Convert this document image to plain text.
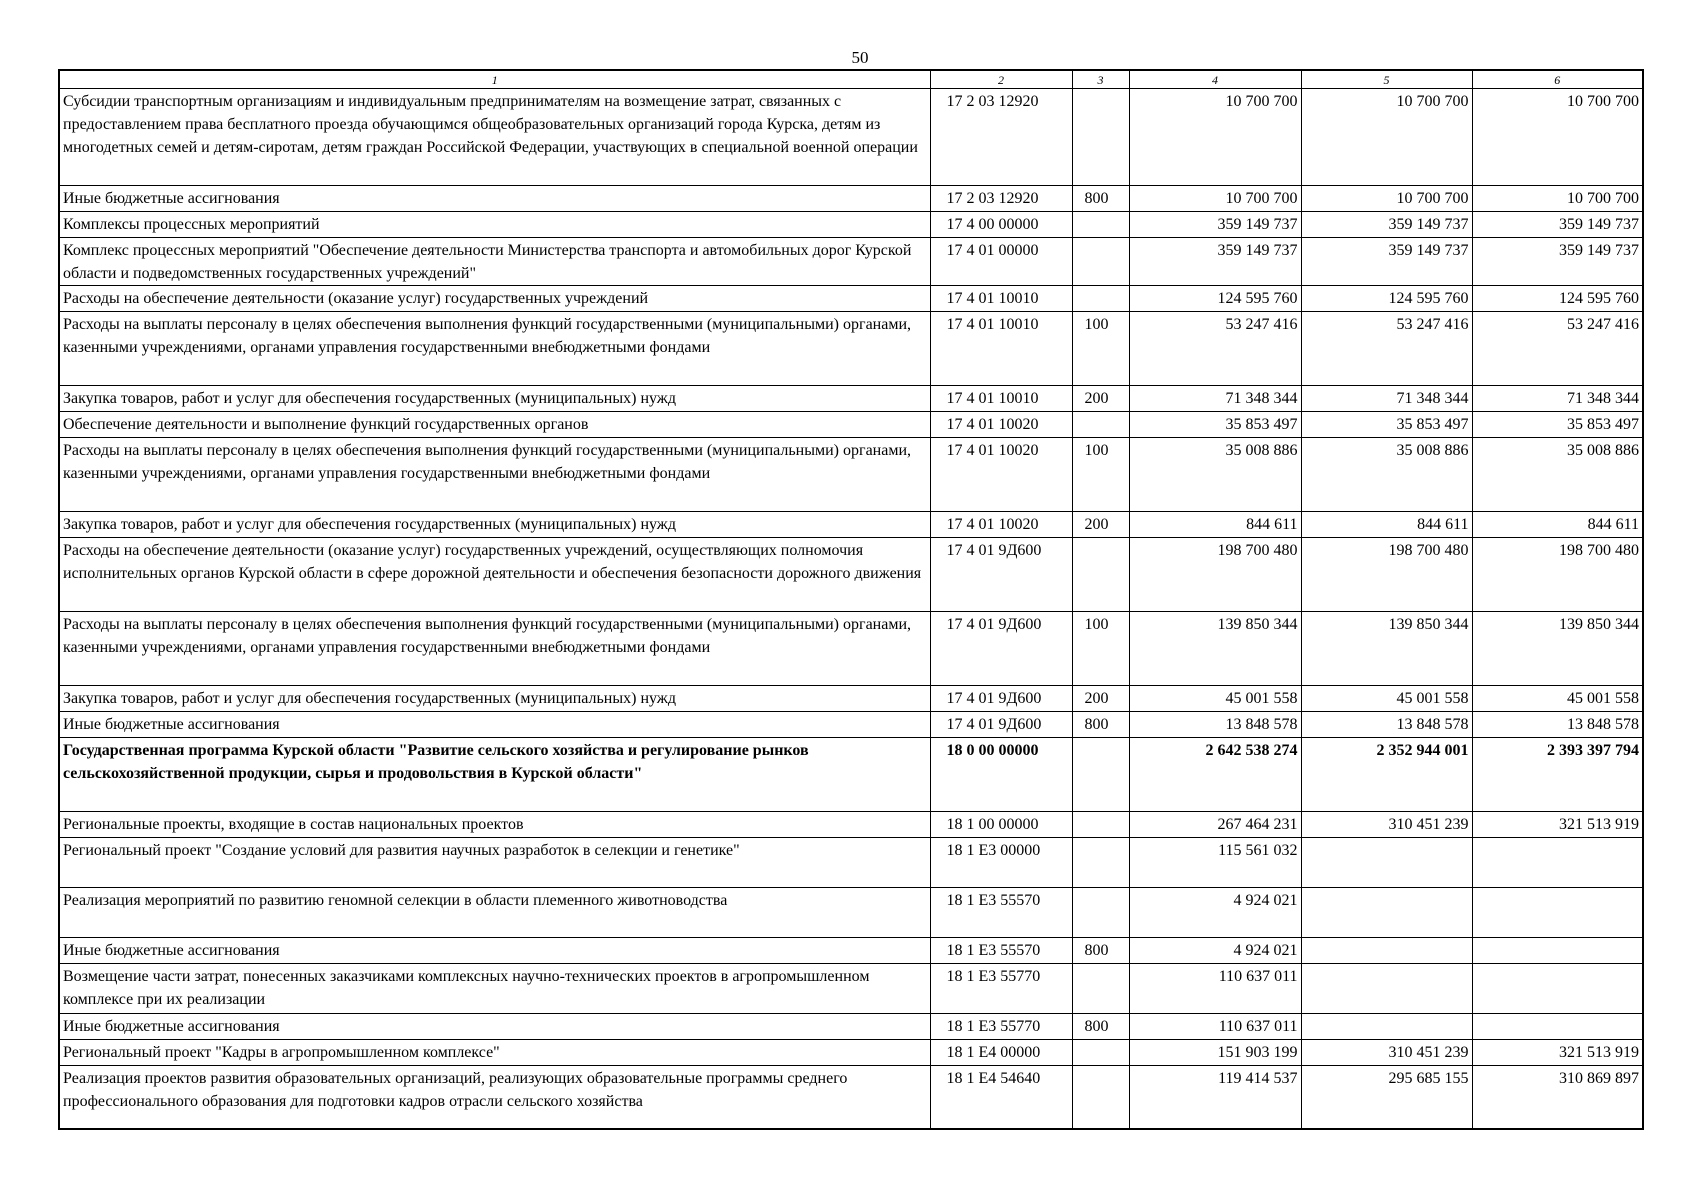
50
1	2	3	4	5	6
Субсидии транспортным организациям и индивидуальным предпринимателям на возмещение затрат, связанных с предоставлением права бесплатного проезда обучающимся общеобразовательных организаций города Курска, детям из многодетных семей и детям-сиротам, детям граждан Российской Федерации, участвующих в специальной военной операции	17 2 03 12920		10 700 700	10 700 700	10 700 700
Иные бюджетные ассигнования	17 2 03 12920	800	10 700 700	10 700 700	10 700 700
Комплексы процессных мероприятий	17 4 00 00000		359 149 737	359 149 737	359 149 737
Комплекс процессных мероприятий "Обеспечение деятельности Министерства транспорта и автомобильных дорог Курской области и подведомственных государственных учреждений"	17 4 01 00000		359 149 737	359 149 737	359 149 737
Расходы на обеспечение деятельности (оказание услуг) государственных учреждений	17 4 01 10010		124 595 760	124 595 760	124 595 760
Расходы на выплаты персоналу в целях обеспечения выполнения функций государственными (муниципальными) органами, казенными учреждениями, органами управления государственными внебюджетными фондами	17 4 01 10010	100	53 247 416	53 247 416	53 247 416
Закупка товаров, работ и услуг для обеспечения государственных (муниципальных) нужд	17 4 01 10010	200	71 348 344	71 348 344	71 348 344
Обеспечение деятельности и выполнение функций государственных органов	17 4 01 10020		35 853 497	35 853 497	35 853 497
Расходы на выплаты персоналу в целях обеспечения выполнения функций государственными (муниципальными) органами, казенными учреждениями, органами управления государственными внебюджетными фондами	17 4 01 10020	100	35 008 886	35 008 886	35 008 886
Закупка товаров, работ и услуг для обеспечения государственных (муниципальных) нужд	17 4 01 10020	200	844 611	844 611	844 611
Расходы на обеспечение деятельности (оказание услуг) государственных учреждений, осуществляющих полномочия исполнительных органов Курской области в сфере дорожной деятельности и обеспечения безопасности дорожного движения	17 4 01 9Д600		198 700 480	198 700 480	198 700 480
Расходы на выплаты персоналу в целях обеспечения выполнения функций государственными (муниципальными) органами, казенными учреждениями, органами управления государственными внебюджетными фондами	17 4 01 9Д600	100	139 850 344	139 850 344	139 850 344
Закупка товаров, работ и услуг для обеспечения государственных (муниципальных) нужд	17 4 01 9Д600	200	45 001 558	45 001 558	45 001 558
Иные бюджетные ассигнования	17 4 01 9Д600	800	13 848 578	13 848 578	13 848 578
Государственная программа Курской области "Развитие сельского хозяйства и регулирование рынков сельскохозяйственной продукции, сырья и продовольствия в Курской области"	18 0 00 00000		2 642 538 274	2 352 944 001	2 393 397 794
Региональные проекты, входящие в состав национальных проектов	18 1 00 00000		267 464 231	310 451 239	321 513 919
Региональный проект "Создание условий для развития научных разработок в селекции и генетике"	18 1 Е3 00000		115 561 032		
Реализация мероприятий по развитию геномной селекции в области племенного животноводства	18 1 Е3 55570		4 924 021		
Иные бюджетные ассигнования	18 1 Е3 55570	800	4 924 021		
Возмещение части затрат, понесенных заказчиками комплексных научно-технических проектов в агропромышленном комплексе при их реализации	18 1 Е3 55770		110 637 011		
Иные бюджетные ассигнования	18 1 Е3 55770	800	110 637 011		
Региональный проект "Кадры в агропромышленном комплексе"	18 1 Е4 00000		151 903 199	310 451 239	321 513 919
Реализация проектов развития образовательных организаций, реализующих образовательные программы среднего профессионального образования для подготовки кадров отрасли сельского хозяйства	18 1 Е4 54640		119 414 537	295 685 155	310 869 897
